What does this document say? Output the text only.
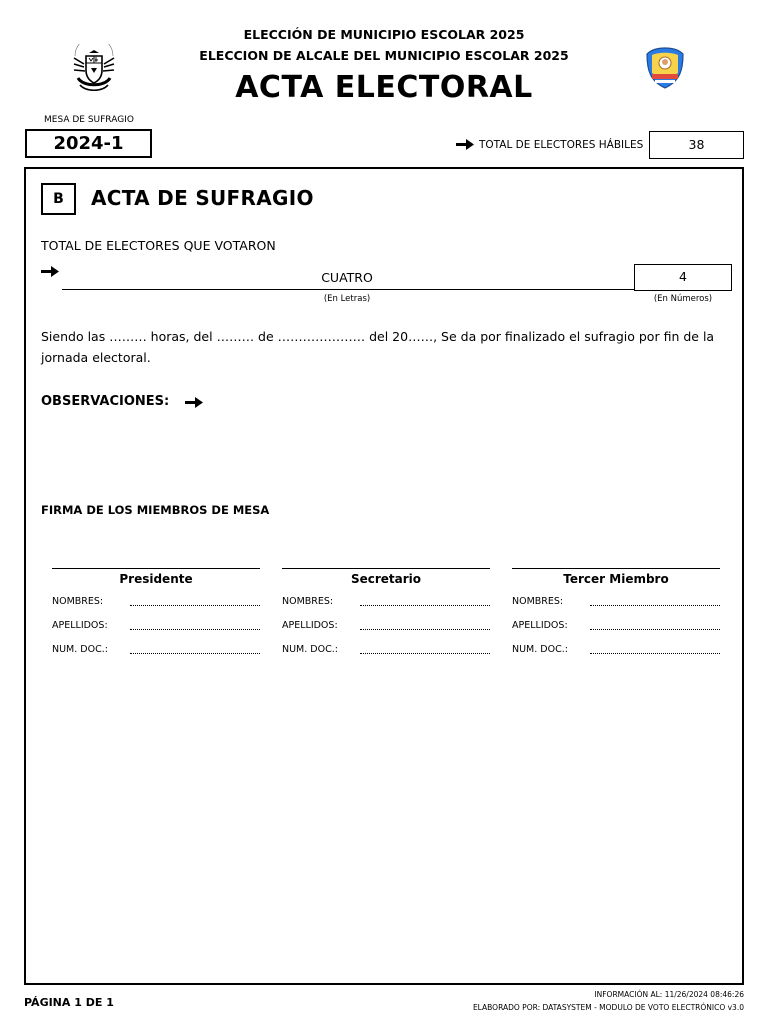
ELECCIÓN DE MUNICIPIO ESCOLAR 2025
ELECCION DE ALCALE DEL MUNICIPIO ESCOLAR 2025
ACTA ELECTORAL
MESA DE SUFRAGIO
2024-1	TOTAL DE ELECTORES HÁBILES	38
B	ACTA DE SUFRAGIO
TOTAL DE ELECTORES QUE VOTARON
CUATRO	4
(En Letras)	(En Números)
Siendo las ……… horas, del ……… de ………………… del 20……, Se da por finalizado el sufragio por fin de la jornada electoral.
OBSERVACIONES:
FIRMA DE LOS MIEMBROS DE MESA
Presidente
NOMBRES:
APELLIDOS:
NUM. DOC.:
Secretario
NOMBRES:
APELLIDOS:
NUM. DOC.:
Tercer Miembro
NOMBRES:
APELLIDOS:
NUM. DOC.:
PÁGINA 1 DE 1
INFORMACIÓN AL: 11/26/2024 08:46:26
ELABORADO POR: DATASYSTEM - MODULO DE VOTO ELECTRÓNICO v3.0
